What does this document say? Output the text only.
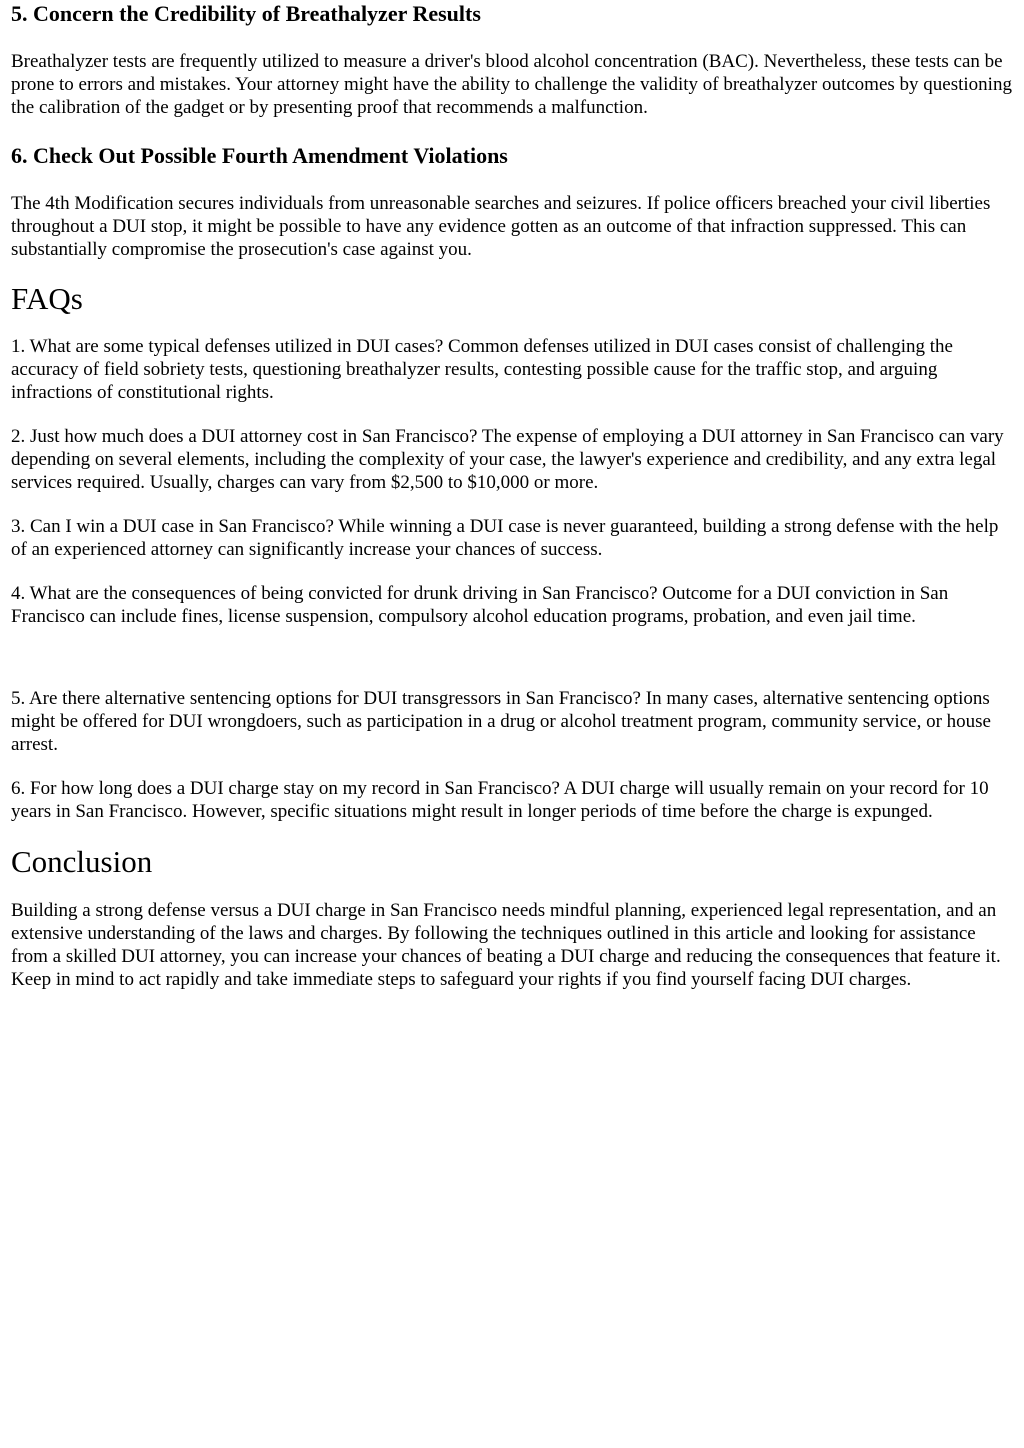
5. Concern the Credibility of Breathalyzer Results

Breathalyzer tests are frequently utilized to measure a driver's blood alcohol concentration (BAC). Nevertheless, these tests can be prone to errors and mistakes. Your attorney might have the ability to challenge the validity of breathalyzer outcomes by questioning the calibration of the gadget or by presenting proof that recommends a malfunction.

6. Check Out Possible Fourth Amendment Violations

The 4th Modification secures individuals from unreasonable searches and seizures. If police officers breached your civil liberties throughout a DUI stop, it might be possible to have any evidence gotten as an outcome of that infraction suppressed. This can substantially compromise the prosecution's case against you.

FAQs

1. What are some typical defenses utilized in DUI cases? Common defenses utilized in DUI cases consist of challenging the accuracy of field sobriety tests, questioning breathalyzer results, contesting possible cause for the traffic stop, and arguing infractions of constitutional rights.

2. Just how much does a DUI attorney cost in San Francisco? The expense of employing a DUI attorney in San Francisco can vary depending on several elements, including the complexity of your case, the lawyer's experience and credibility, and any extra legal services required. Usually, charges can vary from $2,500 to $10,000 or more.

3. Can I win a DUI case in San Francisco? While winning a DUI case is never guaranteed, building a strong defense with the help of an experienced attorney can significantly increase your chances of success.

4. What are the consequences of being convicted for drunk driving in San Francisco? Outcome for a DUI conviction in San Francisco can include fines, license suspension, compulsory alcohol education programs, probation, and even jail time.

5. Are there alternative sentencing options for DUI transgressors in San Francisco? In many cases, alternative sentencing options might be offered for DUI wrongdoers, such as participation in a drug or alcohol treatment program, community service, or house arrest.

6. For how long does a DUI charge stay on my record in San Francisco? A DUI charge will usually remain on your record for 10 years in San Francisco. However, specific situations might result in longer periods of time before the charge is expunged.

Conclusion

Building a strong defense versus a DUI charge in San Francisco needs mindful planning, experienced legal representation, and an extensive understanding of the laws and charges. By following the techniques outlined in this article and looking for assistance from a skilled DUI attorney, you can increase your chances of beating a DUI charge and reducing the consequences that feature it. Keep in mind to act rapidly and take immediate steps to safeguard your rights if you find yourself facing DUI charges.
